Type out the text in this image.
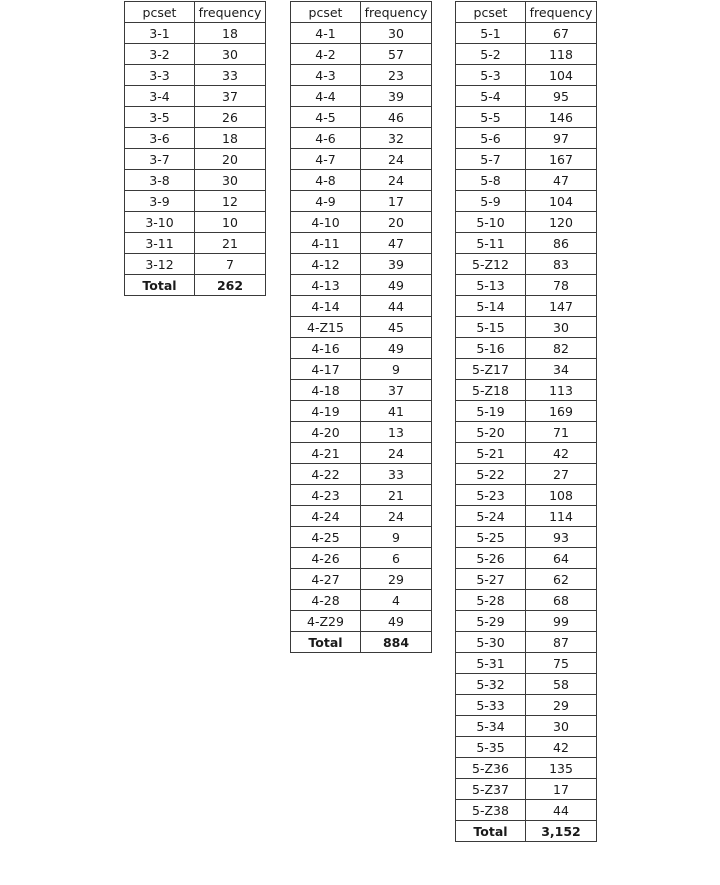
pcset	frequency
3-1	18
3-2	30
3-3	33
3-4	37
3-5	26
3-6	18
3-7	20
3-8	30
3-9	12
3-10	10
3-11	21
3-12	7
Total	262
pcset	frequency
4-1	30
4-2	57
4-3	23
4-4	39
4-5	46
4-6	32
4-7	24
4-8	24
4-9	17
4-10	20
4-11	47
4-12	39
4-13	49
4-14	44
4-Z15	45
4-16	49
4-17	9
4-18	37
4-19	41
4-20	13
4-21	24
4-22	33
4-23	21
4-24	24
4-25	9
4-26	6
4-27	29
4-28	4
4-Z29	49
Total	884
pcset	frequency
5-1	67
5-2	118
5-3	104
5-4	95
5-5	146
5-6	97
5-7	167
5-8	47
5-9	104
5-10	120
5-11	86
5-Z12	83
5-13	78
5-14	147
5-15	30
5-16	82
5-Z17	34
5-Z18	113
5-19	169
5-20	71
5-21	42
5-22	27
5-23	108
5-24	114
5-25	93
5-26	64
5-27	62
5-28	68
5-29	99
5-30	87
5-31	75
5-32	58
5-33	29
5-34	30
5-35	42
5-Z36	135
5-Z37	17
5-Z38	44
Total	3,152
